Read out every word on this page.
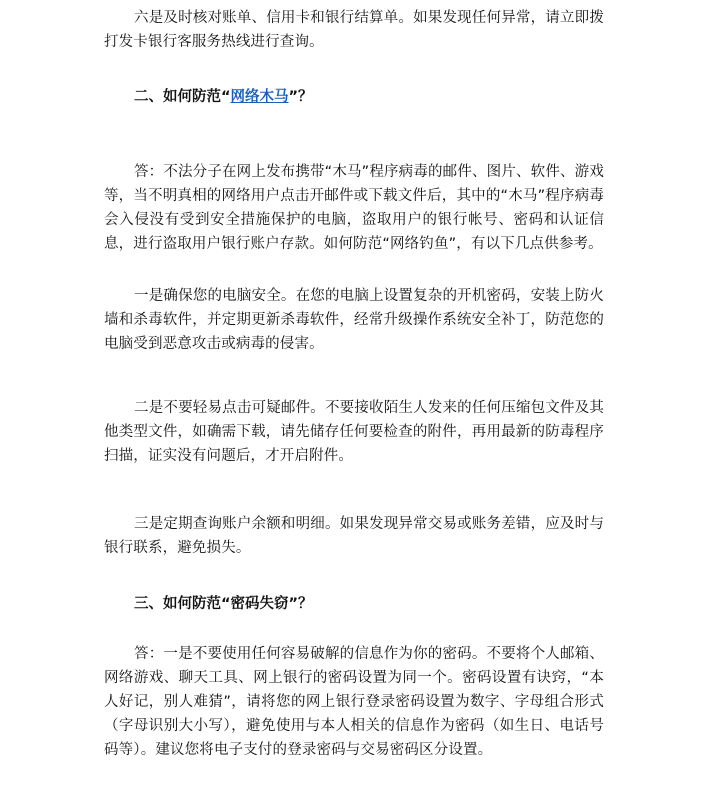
六是及时核对账单、信用卡和银行结算单。如果发现任何异常，请立即拨打发卡银行客服务热线进行查询。

二、如何防范“网络木马”？

答：不法分子在网上发布携带“木马”程序病毒的邮件、图片、软件、游戏等，当不明真相的网络用户点击开邮件或下载文件后，其中的“木马”程序病毒会入侵没有受到安全措施保护的电脑，盗取用户的银行帐号、密码和认证信息，进行盗取用户银行账户存款。如何防范“网络钓鱼”，有以下几点供参考。

一是确保您的电脑安全。在您的电脑上设置复杂的开机密码，安装上防火墙和杀毒软件，并定期更新杀毒软件，经常升级操作系统安全补丁，防范您的电脑受到恶意攻击或病毒的侵害。

二是不要轻易点击可疑邮件。不要接收陌生人发来的任何压缩包文件及其他类型文件，如确需下载，请先储存任何要检查的附件，再用最新的防毒程序扫描，证实没有问题后，才开启附件。

三是定期查询账户余额和明细。如果发现异常交易或账务差错，应及时与银行联系，避免损失。

三、如何防范“密码失窃”？

答：一是不要使用任何容易破解的信息作为你的密码。不要将个人邮箱、网络游戏、聊天工具、网上银行的密码设置为同一个。密码设置有诀窍，“本人好记，别人难猜”，请将您的网上银行登录密码设置为数字、字母组合形式（字母识别大小写），避免使用与本人相关的信息作为密码（如生日、电话号码等）。建议您将电子支付的登录密码与交易密码区分设置。
